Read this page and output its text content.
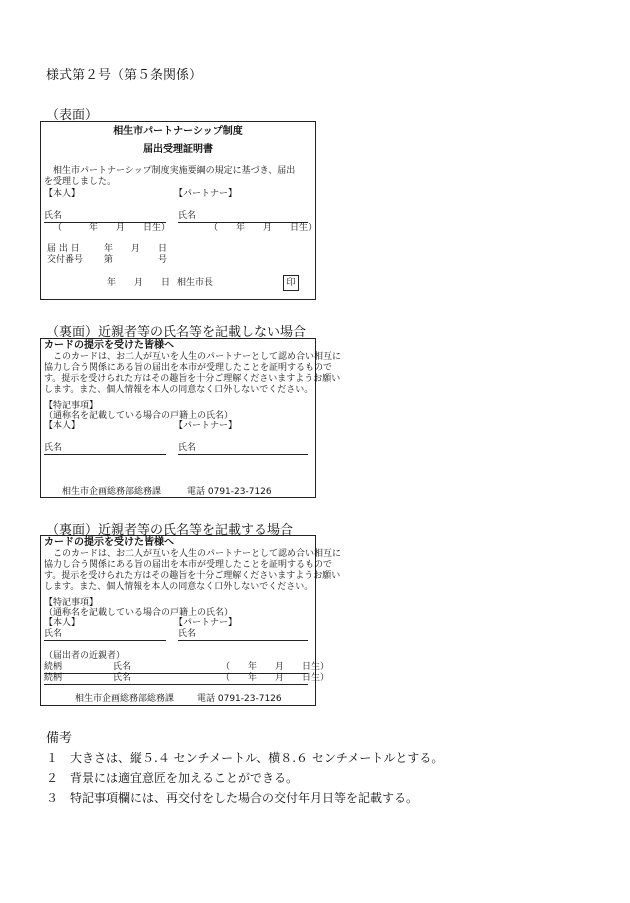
様式第２号（第５条関係）
（表面）
相生市パートナーシップ制度
届出受理証明書
相生市パートナーシップ制度実施要綱の規定に基づき、届出
を受理しました。
【本人】	【パートナー】
氏名	氏名
（　　　年　　月　　日生）	（　　年　　月　　日生）
届 出 日	年　　月　　日
交付番号 第　　　　　号
年　　月　　日 相生市長	印
（裏面）近親者等の氏名等を記載しない場合
カードの提示を受けた皆様へ
このカードは、お二人が互いを人生のパートナーとして認め合い相互に
協力し合う関係にある旨の届出を本市が受理したことを証明するもので
す。提示を受けられた方はその趣旨を十分ご理解くださいますようお願い
します。また、個人情報を本人の同意なく口外しないでください。
【特記事項】
（通称名を記載している場合の戸籍上の氏名）
【本人】	【パートナー】
氏名	氏名
相生市企画総務部総務課	電話 0791-23-7126
（裏面）近親者等の氏名等を記載する場合
カードの提示を受けた皆様へ
このカードは、お二人が互いを人生のパートナーとして認め合い相互に
協力し合う関係にある旨の届出を本市が受理したことを証明するもので
す。提示を受けられた方はその趣旨を十分ご理解くださいますようお願い
します。また、個人情報を本人の同意なく口外しないでください。
【特記事項】
（通称名を記載している場合の戸籍上の氏名）
【本人】	【パートナー】
氏名	氏名
（届出者の近親者）
続柄	氏名	（　　年　　月　　日生）
続柄	氏名	（　　年　　月　　日生）
相生市企画総務部総務課	電話 0791-23-7126
備考
１　大きさは、縦５.４ センチメートル、横８.６ センチメートルとする。
２　背景には適宜意匠を加えることができる。
３　特記事項欄には、再交付をした場合の交付年月日等を記載する。
